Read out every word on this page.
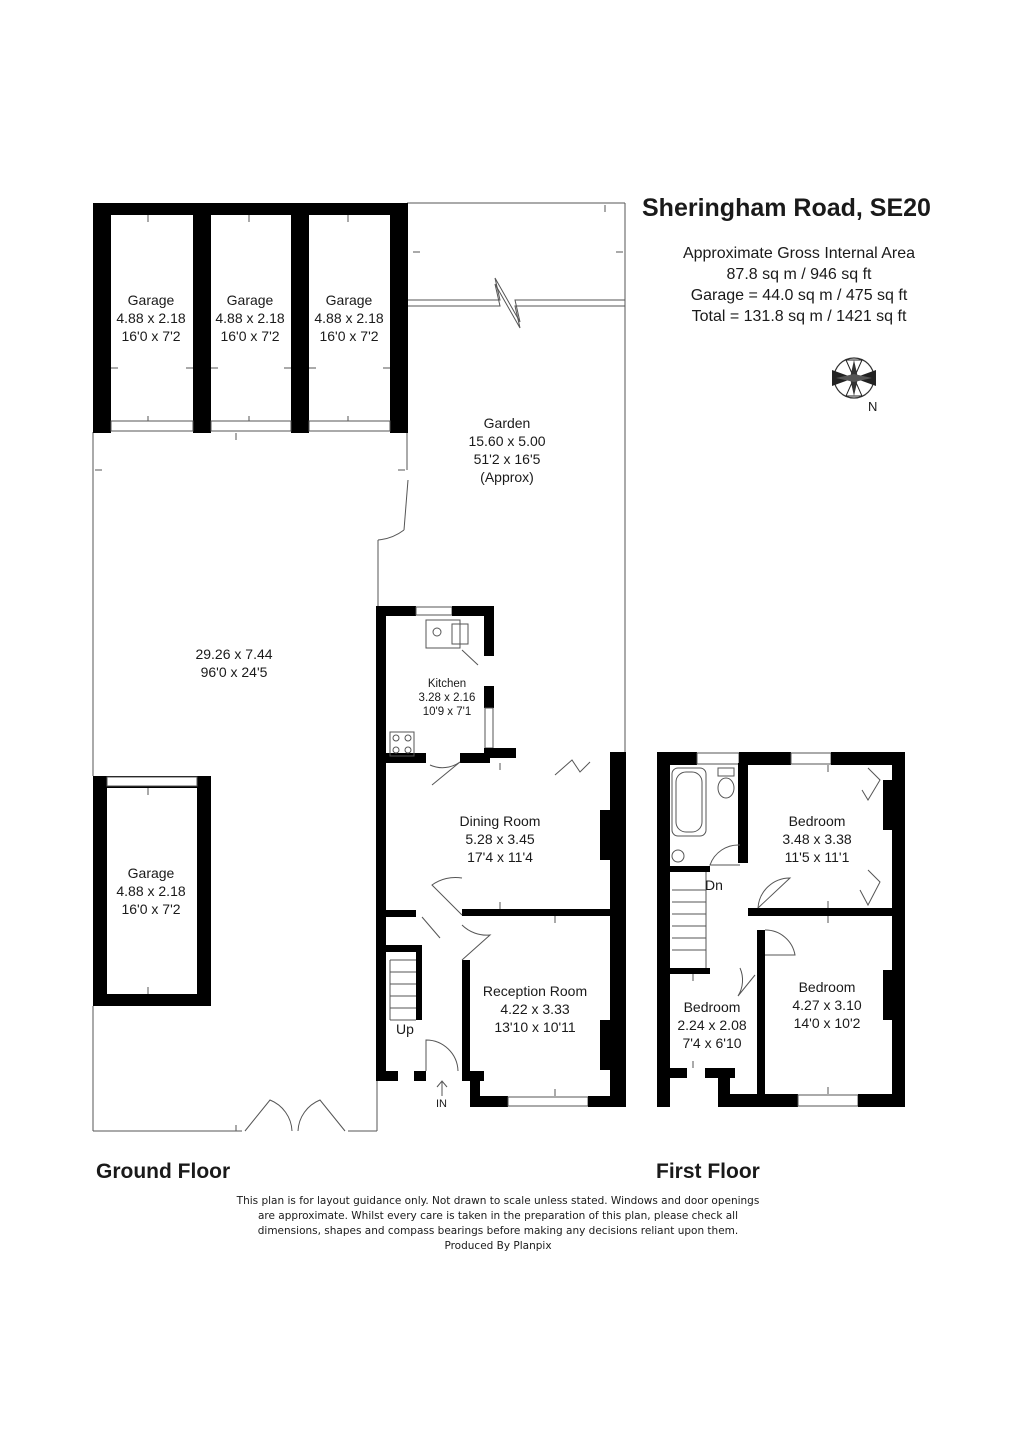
Sheringham Road, SE20
Approximate Gross Internal Area
87.8 sq m / 946 sq ft
Garage = 44.0 sq m / 475 sq ft
Total = 131.8 sq m / 1421 sq ft
N
Garage
4.88 x 2.18
16'0 x 7'2
Garage
4.88 x 2.18
16'0 x 7'2
Garage
4.88 x 2.18
16'0 x 7'2
Garden
15.60 x 5.00
51'2 x 16'5
(Approx)
29.26 x 7.44
96'0 x 24'5
Garage
4.88 x 2.18
16'0 x 7'2
Kitchen
3.28 x 2.16
10'9 x 7'1
Dining Room
5.28 x 3.45
17'4 x 11'4
Reception Room
4.22 x 3.33
13'10 x 10'11
Bedroom
3.48 x 3.38
11'5 x 11'1
Bedroom
4.27 x 3.10
14'0 x 10'2
Bedroom
2.24 x 2.08
7'4 x 6'10
Up
Dn
IN
Ground Floor	First Floor
This plan is for layout guidance only. Not drawn to scale unless stated. Windows and door openings
are approximate. Whilst every care is taken in the preparation of this plan, please check all
dimensions, shapes and compass bearings before making any decisions reliant upon them.
Produced By Planpix
